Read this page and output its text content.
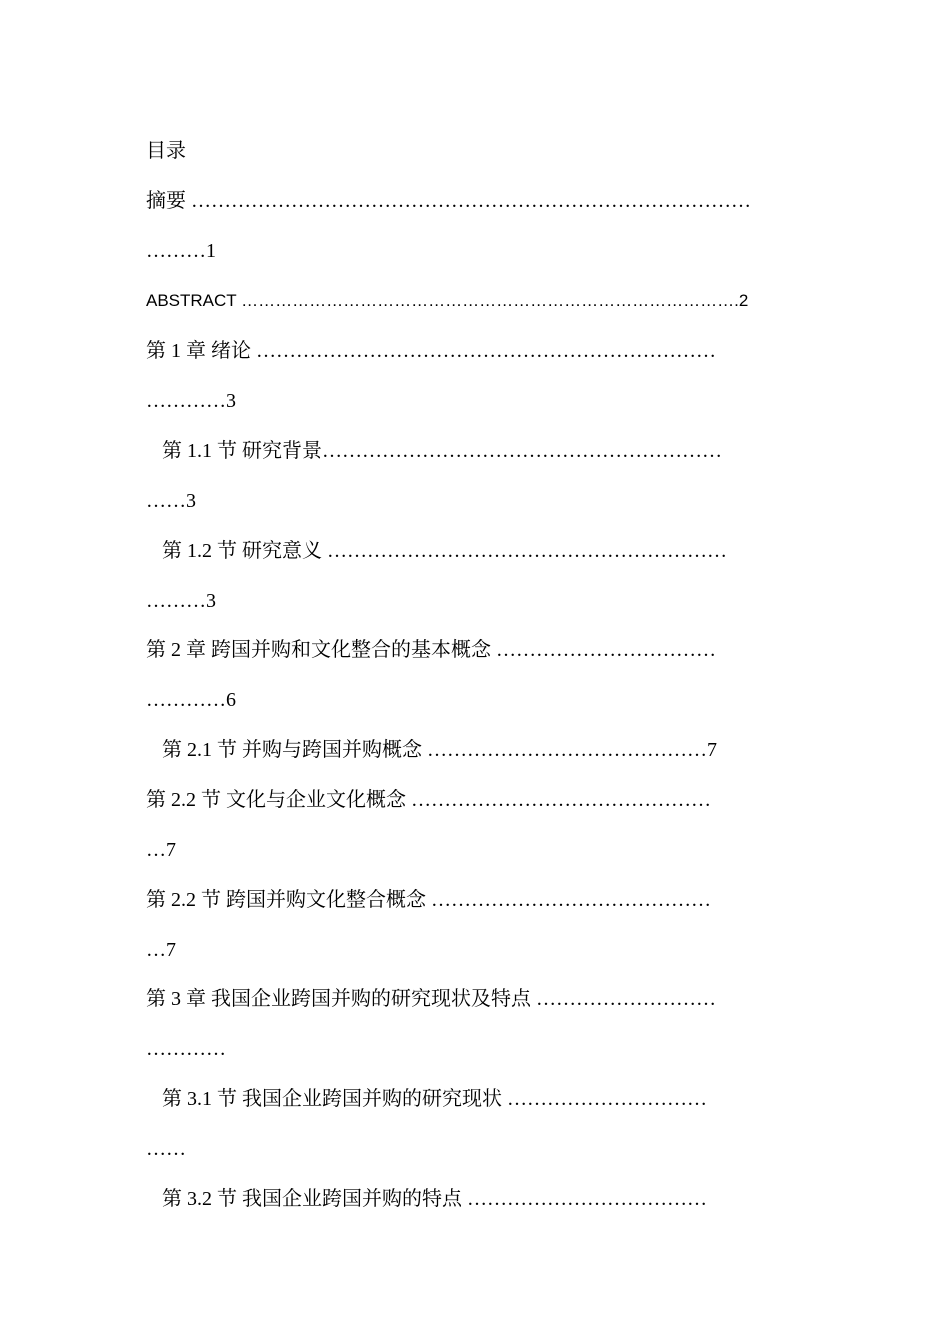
目录
摘要 …………………………………………………………………………
………1
ABSTRACT …………………………………………………………………………….2
第 1 章 绪论 ……………………………………………………………
…………3
第 1.1 节 研究背景……………………………………………………
……3
第 1.2 节 研究意义 ……………………………………………………
………3
第 2 章 跨国并购和文化整合的基本概念 ……………………………
…………6
第 2.1 节 并购与跨国并购概念 ……………………………………7
第 2.2 节 文化与企业文化概念 ………………………………………
…7
第 2.2 节 跨国并购文化整合概念 ……………………………………
…7
第 3 章 我国企业跨国并购的研究现状及特点 ………………………
…………
第 3.1 节 我国企业跨国并购的研究现状 …………………………
……
第 3.2 节 我国企业跨国并购的特点 ………………………………
